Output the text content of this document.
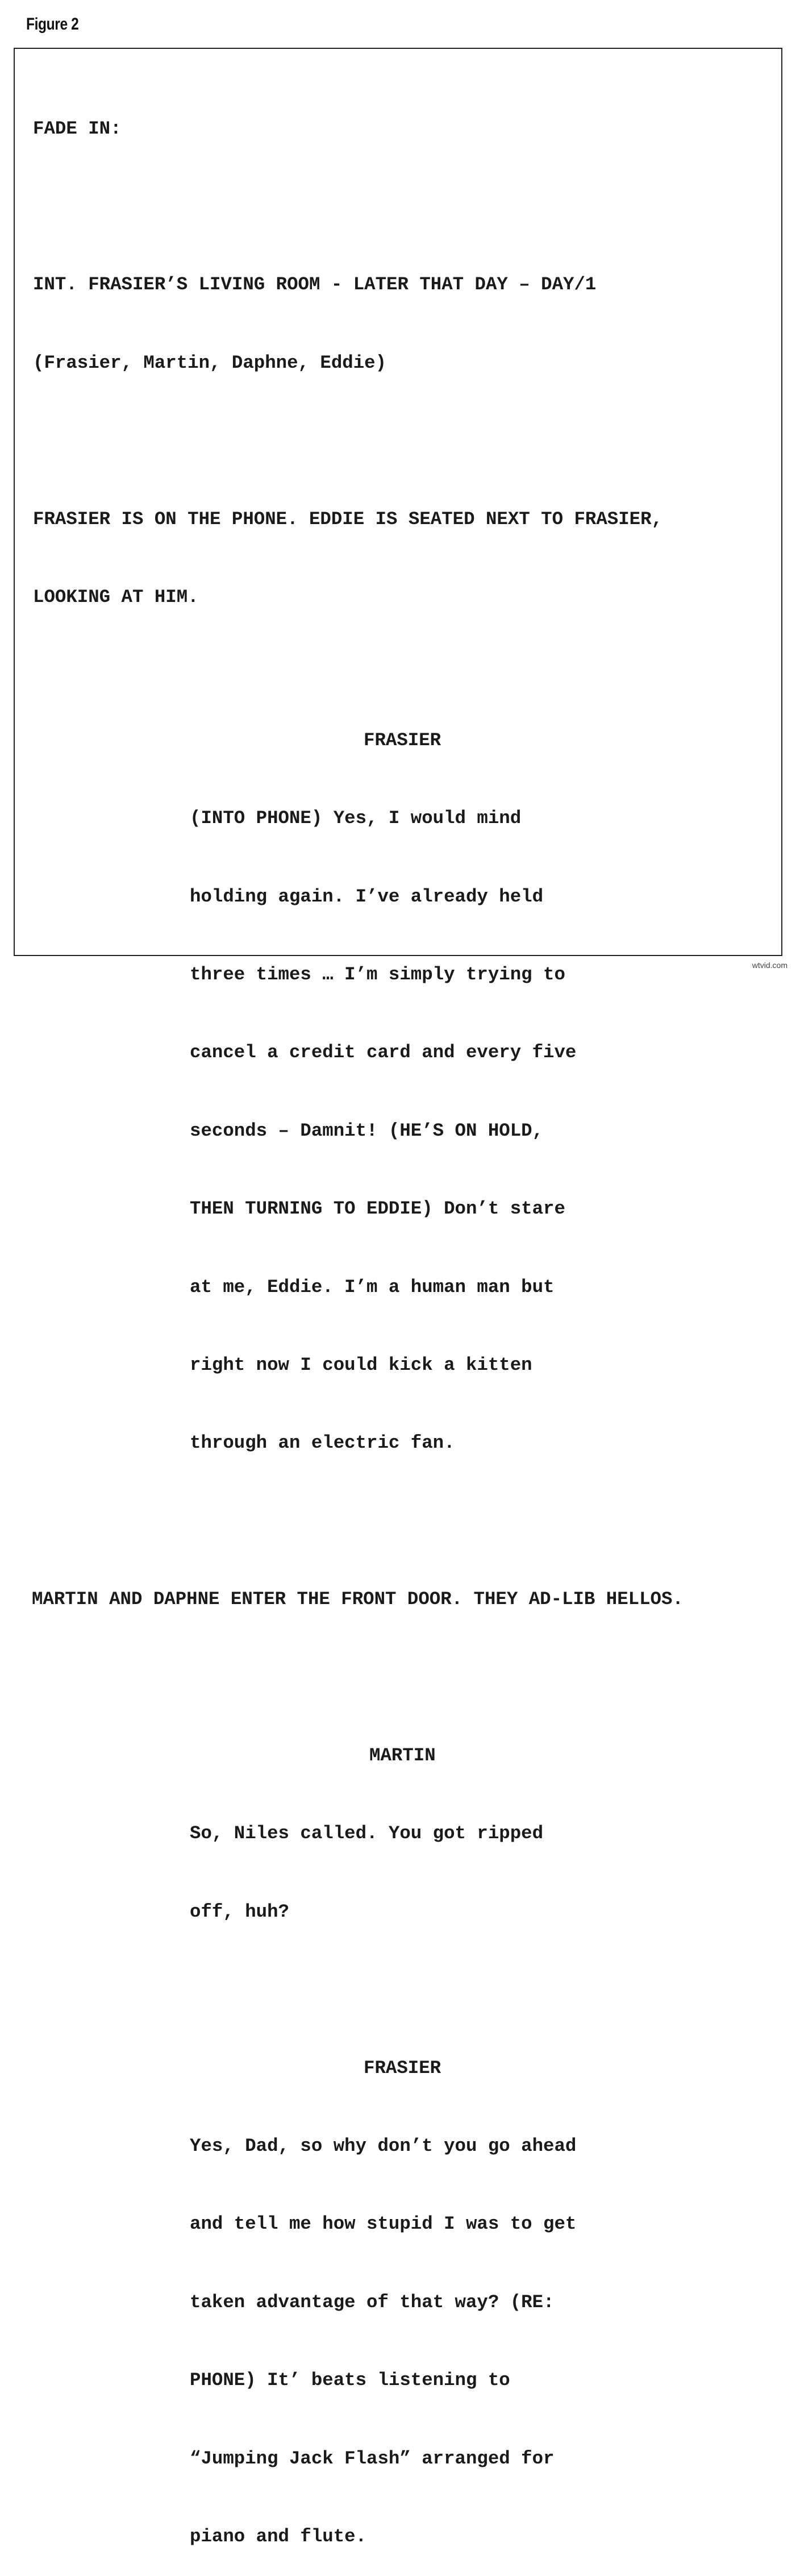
Figure 2

FADE IN:

INT. FRASIER’S LIVING ROOM - LATER THAT DAY – DAY/1

(Frasier, Martin, Daphne, Eddie)

FRASIER IS ON THE PHONE. EDDIE IS SEATED NEXT TO FRASIER,

LOOKING AT HIM.

FRASIER

(INTO PHONE) Yes, I would mind

holding again. I’ve already held

three times … I’m simply trying to

cancel a credit card and every five

seconds – Damnit! (HE’S ON HOLD,

THEN TURNING TO EDDIE) Don’t stare

at me, Eddie. I’m a human man but

right now I could kick a kitten

through an electric fan.

MARTIN AND DAPHNE ENTER THE FRONT DOOR. THEY AD-LIB HELLOS.

MARTIN

So, Niles called. You got ripped

off, huh?

FRASIER

Yes, Dad, so why don’t you go ahead

and tell me how stupid I was to get

taken advantage of that way? (RE:

PHONE) It’ beats listening to

“Jumping Jack Flash” arranged for

piano and flute.

wtvid.com
